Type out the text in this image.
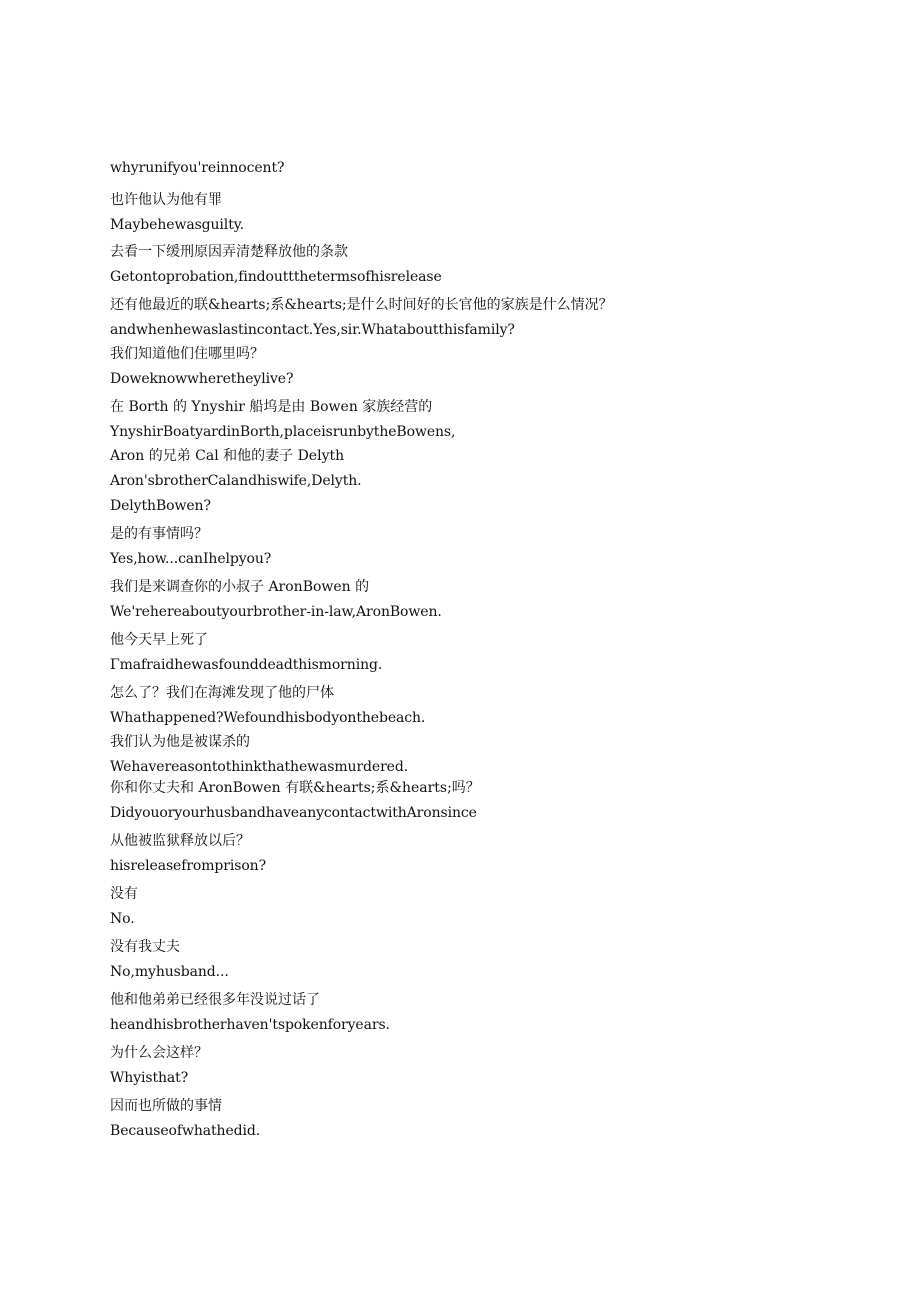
whyrunifyou'reinnocent?
也许他认为他有罪
Maybehewasguilty.
去看一下缓刑原因弄清楚释放他的条款
Getontoprobation,findouttthetermsofhisrelease
还有他最近的联&hearts;系&hearts;是什么时间好的长官他的家族是什么情况？
andwhenhewaslastincontact.Yes,sir.Whataboutthisfamily?
我们知道他们住哪里吗？
Doweknowwheretheylive?
在 Borth 的 Ynyshir 船坞是由 Bowen 家族经营的
YnyshirBoatyardinBorth,placeisrunbytheBowens,
Aron 的兄弟 Cal 和他的妻子 Delyth
Aron'sbrotherCalandhiswife,Delyth.
DelythBowen?
是的有事情吗？
Yes,how...canIhelpyou?
我们是来调查你的小叔子 AronBowen 的
We'rehereaboutyourbrother-in-law,AronBowen.
他今天早上死了
Γmafraidhewasfounddeadthismorning.
怎么了？我们在海滩发现了他的尸体
Whathappened?Wefoundhisbodyonthebeach.
我们认为他是被谋杀的
Wehavereasontothinkthathewasmurdered.
你和你丈夫和 AronBowen 有联&hearts;系&hearts;吗？
DidyouoryourhusbandhaveanycontactwithAronsince
从他被监狱释放以后？
hisreleasefromprison?
没有
No.
没有我丈夫
No,myhusband...
他和他弟弟已经很多年没说过话了
heandhisbrotherhaven'tspokenforyears.
为什么会这样？
Whyisthat?
因而也所做的事情
Becauseofwhathedid.
